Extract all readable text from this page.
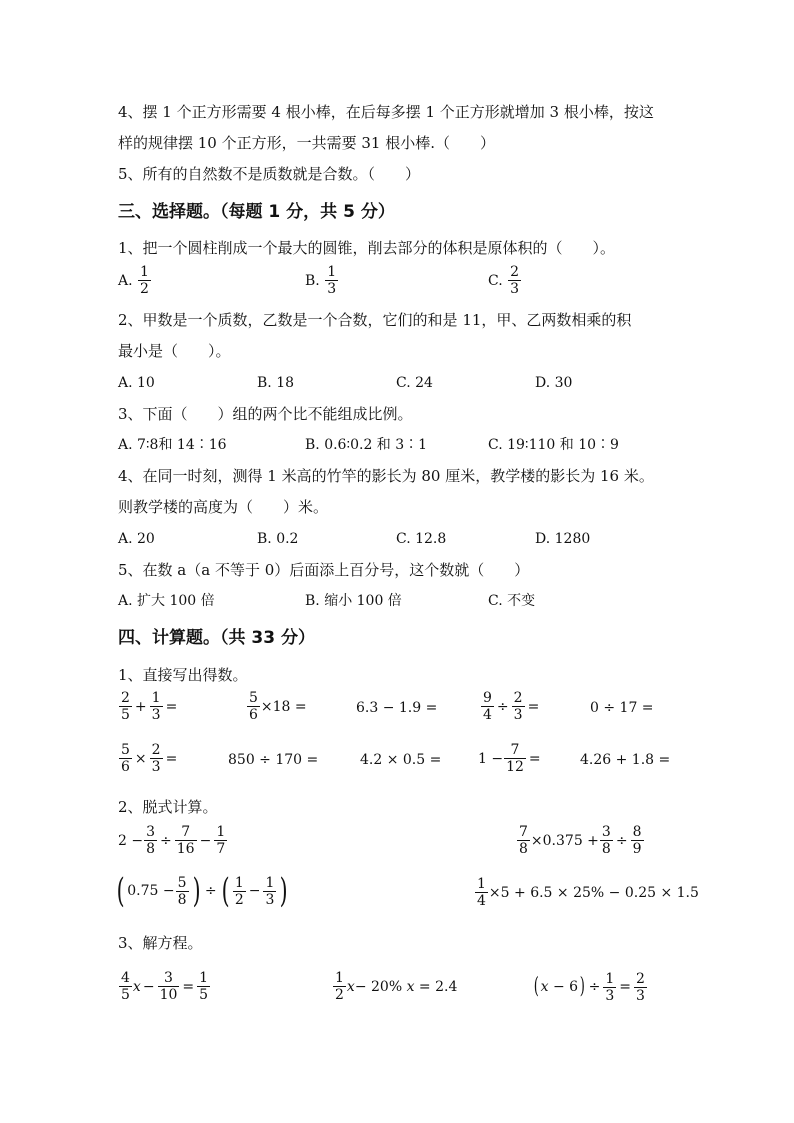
4、摆 1 个正方形需要 4 根小棒，在后每多摆 1 个正方形就增加 3 根小棒，按这
样的规律摆 10 个正方形，一共需要 31 根小棒.（　　）
5、所有的自然数不是质数就是合数。（　　）
三、选择题。（每题 1 分，共 5 分）
1、把一个圆柱削成一个最大的圆锥，削去部分的体积是原体积的（　　）。
A.
$\frac{1}{2}$	B.
$\frac{1}{3}$	C.
$\frac{2}{3}$
2、甲数是一个质数，乙数是一个合数，它们的和是 11，甲、乙两数相乘的积
最小是（　　）。
A. 10	B. 18	C. 24	D. 30
3、下面（　　）组的两个比不能组成比例。
A. 7∶8和 14∶16	B. 0.6∶0.2 和 3∶1	C. 19∶110 和 10∶9
4、在同一时刻，测得 1 米高的竹竿的影长为 80 厘米，教学楼的影长为 16 米。
则教学楼的高度为（　　）米。
A. 20	B. 0.2	C. 12.8	D. 1280
5、在数 a（a 不等于 0）后面添上百分号，这个数就（　　）
A. 扩大 100 倍	B. 缩小 100 倍	C. 不变
四、计算题。（共 33 分）
1、直接写出得数。
$\frac{2}{5} + \frac{1}{3}$ =	$\frac{5}{6} \times 18$ =	6.3 − 1.9 =	$\frac{9}{4} \div \frac{2}{3}$ =	0 ÷ 17 =
$\frac{5}{6} \times \frac{2}{3}$ =	850 ÷ 170 =	4.2 × 0.5 =	$1 - \frac{7}{12}$ =	4.26 + 1.8 =
2、脱式计算。
$2 - \frac{3}{8} \div \frac{7}{16} - \frac{1}{7}$	$\frac{7}{8} \times 0.375 + \frac{3}{8} \div \frac{8}{9}$
( $0.75 - \frac{5}{8}$ ) ÷ ( $\frac{1}{2} - \frac{1}{3}$ )	$\frac{1}{4} \times 5 + 6.5 \times 25\% - 0.25 \times 1.5$
3、解方程。
$\frac{4}{5}$ $x - \frac{3}{10} = \frac{1}{5}$	$\frac{1}{2}$ x − 20% x = 2.4	( x − 6 ) ÷ $\frac{1}{3} = \frac{2}{3}$
